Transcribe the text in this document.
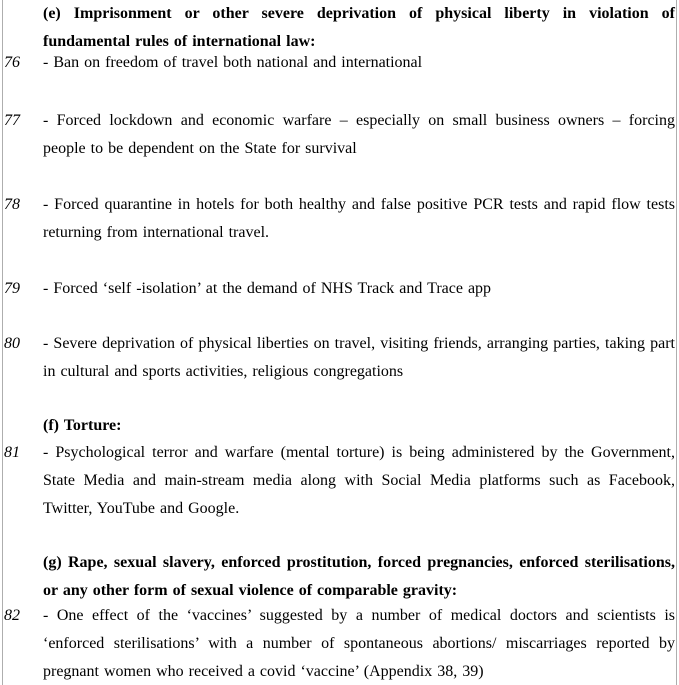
(e) Imprisonment or other severe deprivation of physical liberty in violation of fundamental rules of international law:
76 - Ban on freedom of travel both national and international
77 - Forced lockdown and economic warfare – especially on small business owners – forcing people to be dependent on the State for survival
78 - Forced quarantine in hotels for both healthy and false positive PCR tests and rapid flow tests returning from international travel.
79 - Forced ‘self -isolation’ at the demand of NHS Track and Trace app
80 - Severe deprivation of physical liberties on travel, visiting friends, arranging parties, taking part in cultural and sports activities, religious congregations
(f) Torture:
81 - Psychological terror and warfare (mental torture) is being administered by the Government, State Media and main-stream media along with Social Media platforms such as Facebook, Twitter, YouTube and Google.
(g) Rape, sexual slavery, enforced prostitution, forced pregnancies, enforced sterilisations, or any other form of sexual violence of comparable gravity:
82 - One effect of the ‘vaccines’ suggested by a number of medical doctors and scientists is ‘enforced sterilisations’ with a number of spontaneous abortions/ miscarriages reported by pregnant women who received a covid ‘vaccine’ (Appendix 38, 39)
